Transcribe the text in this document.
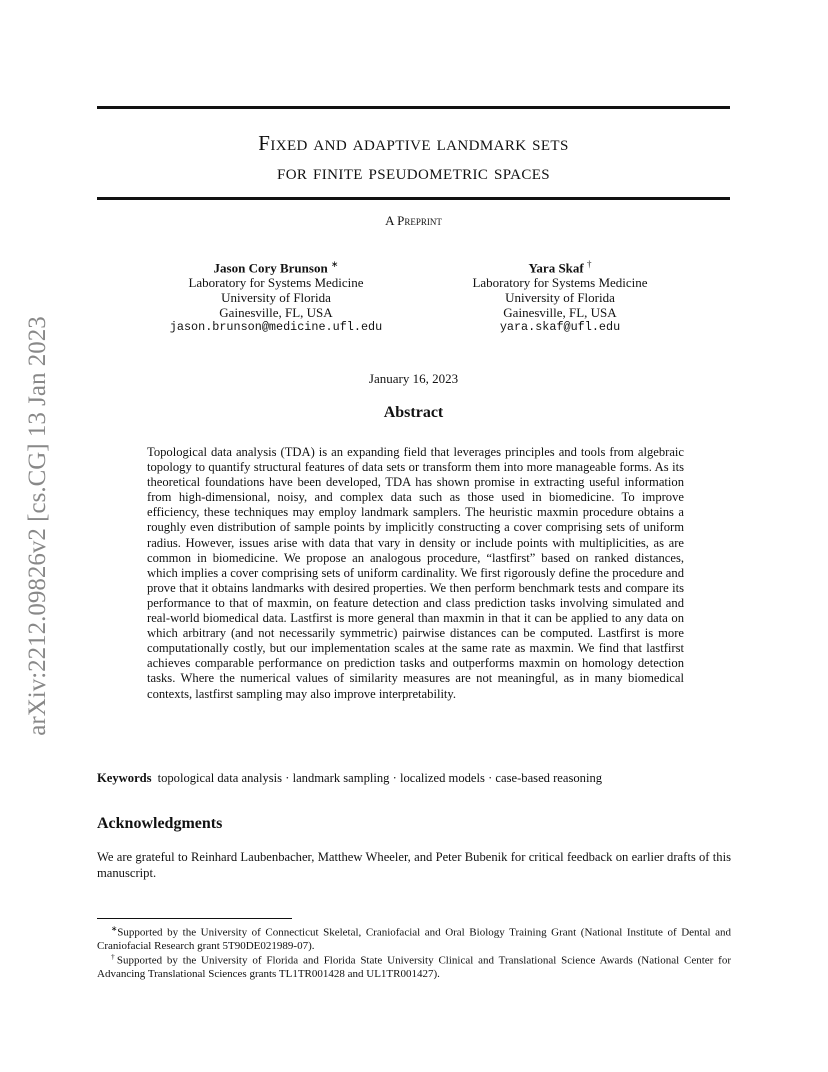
arXiv:2212.09826v2 [cs.CG] 13 Jan 2023
Fixed and adaptive landmark sets
for finite pseudometric spaces
A Preprint
Jason Cory Brunson ∗
Laboratory for Systems Medicine
University of Florida
Gainesville, FL, USA
jason.brunson@medicine.ufl.edu
Yara Skaf †
Laboratory for Systems Medicine
University of Florida
Gainesville, FL, USA
yara.skaf@ufl.edu
January 16, 2023
Abstract
Topological data analysis (TDA) is an expanding field that leverages principles and tools from algebraic topology to quantify structural features of data sets or transform them into more manageable forms. As its theoretical foundations have been developed, TDA has shown promise in extracting useful information from high-dimensional, noisy, and complex data such as those used in biomedicine. To improve efficiency, these techniques may employ landmark samplers. The heuristic maxmin procedure obtains a roughly even distribution of sample points by implicitly constructing a cover comprising sets of uniform radius. However, issues arise with data that vary in density or include points with multiplicities, as are common in biomedicine. We propose an analogous procedure, “lastfirst” based on ranked distances, which implies a cover comprising sets of uniform cardinality. We first rigorously define the procedure and prove that it obtains landmarks with desired properties. We then perform benchmark tests and compare its performance to that of maxmin, on feature detection and class prediction tasks involving simulated and real-world biomedical data. Lastfirst is more general than maxmin in that it can be applied to any data on which arbitrary (and not necessarily symmetric) pairwise distances can be computed. Lastfirst is more computationally costly, but our implementation scales at the same rate as maxmin. We find that lastfirst achieves comparable performance on prediction tasks and outperforms maxmin on homology detection tasks. Where the numerical values of similarity measures are not meaningful, as in many biomedical contexts, lastfirst sampling may also improve interpretability.
Keywords topological data analysis · landmark sampling · localized models · case-based reasoning
Acknowledgments
We are grateful to Reinhard Laubenbacher, Matthew Wheeler, and Peter Bubenik for critical feedback on earlier drafts of this manuscript.
∗Supported by the University of Connecticut Skeletal, Craniofacial and Oral Biology Training Grant (National Institute of Dental and Craniofacial Research grant 5T90DE021989-07).
†Supported by the University of Florida and Florida State University Clinical and Translational Science Awards (National Center for Advancing Translational Sciences grants TL1TR001428 and UL1TR001427).
